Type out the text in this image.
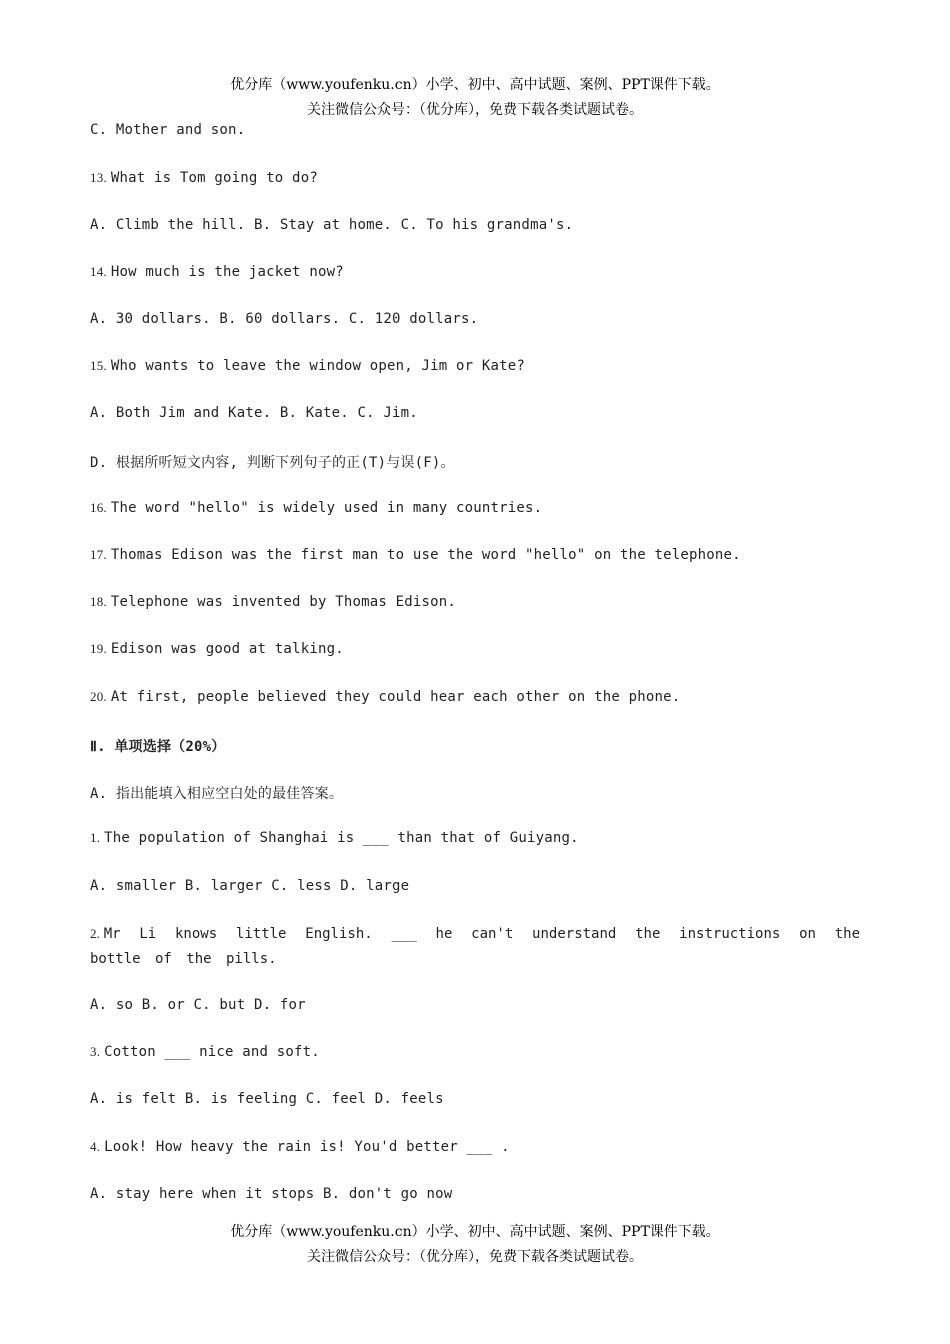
优分库（www.youfenku.cn）小学、初中、高中试题、案例、PPT课件下载。
关注微信公众号：（优分库），免费下载各类试题试卷。
C. Mother and son.
13. What is Tom going to do?
A. Climb the hill. B. Stay at home. C. To his grandma's.
14. How much is the jacket now?
A. 30 dollars. B. 60 dollars. C. 120 dollars.
15. Who wants to leave the window open, Jim or Kate?
A. Both Jim and Kate. B. Kate. C. Jim.
D. 根据所听短文内容, 判断下列句子的正(T)与误(F)。
16. The word "hello" is widely used in many countries.
17. Thomas Edison was the first man to use the word "hello" on the telephone.
18. Telephone was invented by Thomas Edison.
19. Edison was good at talking.
20. At first, people believed they could hear each other on the phone.
Ⅱ. 单项选择（20%）
A. 指出能填入相应空白处的最佳答案。
1. The population of Shanghai is ___ than that of Guiyang.
A. smaller B. larger C. less D. large
2. Mr Li knows little English. ___ he can't understand the instructions on the bottle of the pills.
A. so B. or C. but D. for
3. Cotton ___ nice and soft.
A. is felt B. is feeling C. feel D. feels
4. Look! How heavy the rain is! You'd better ___ .
A. stay here when it stops B. don't go now
优分库（www.youfenku.cn）小学、初中、高中试题、案例、PPT课件下载。
关注微信公众号：（优分库），免费下载各类试题试卷。
